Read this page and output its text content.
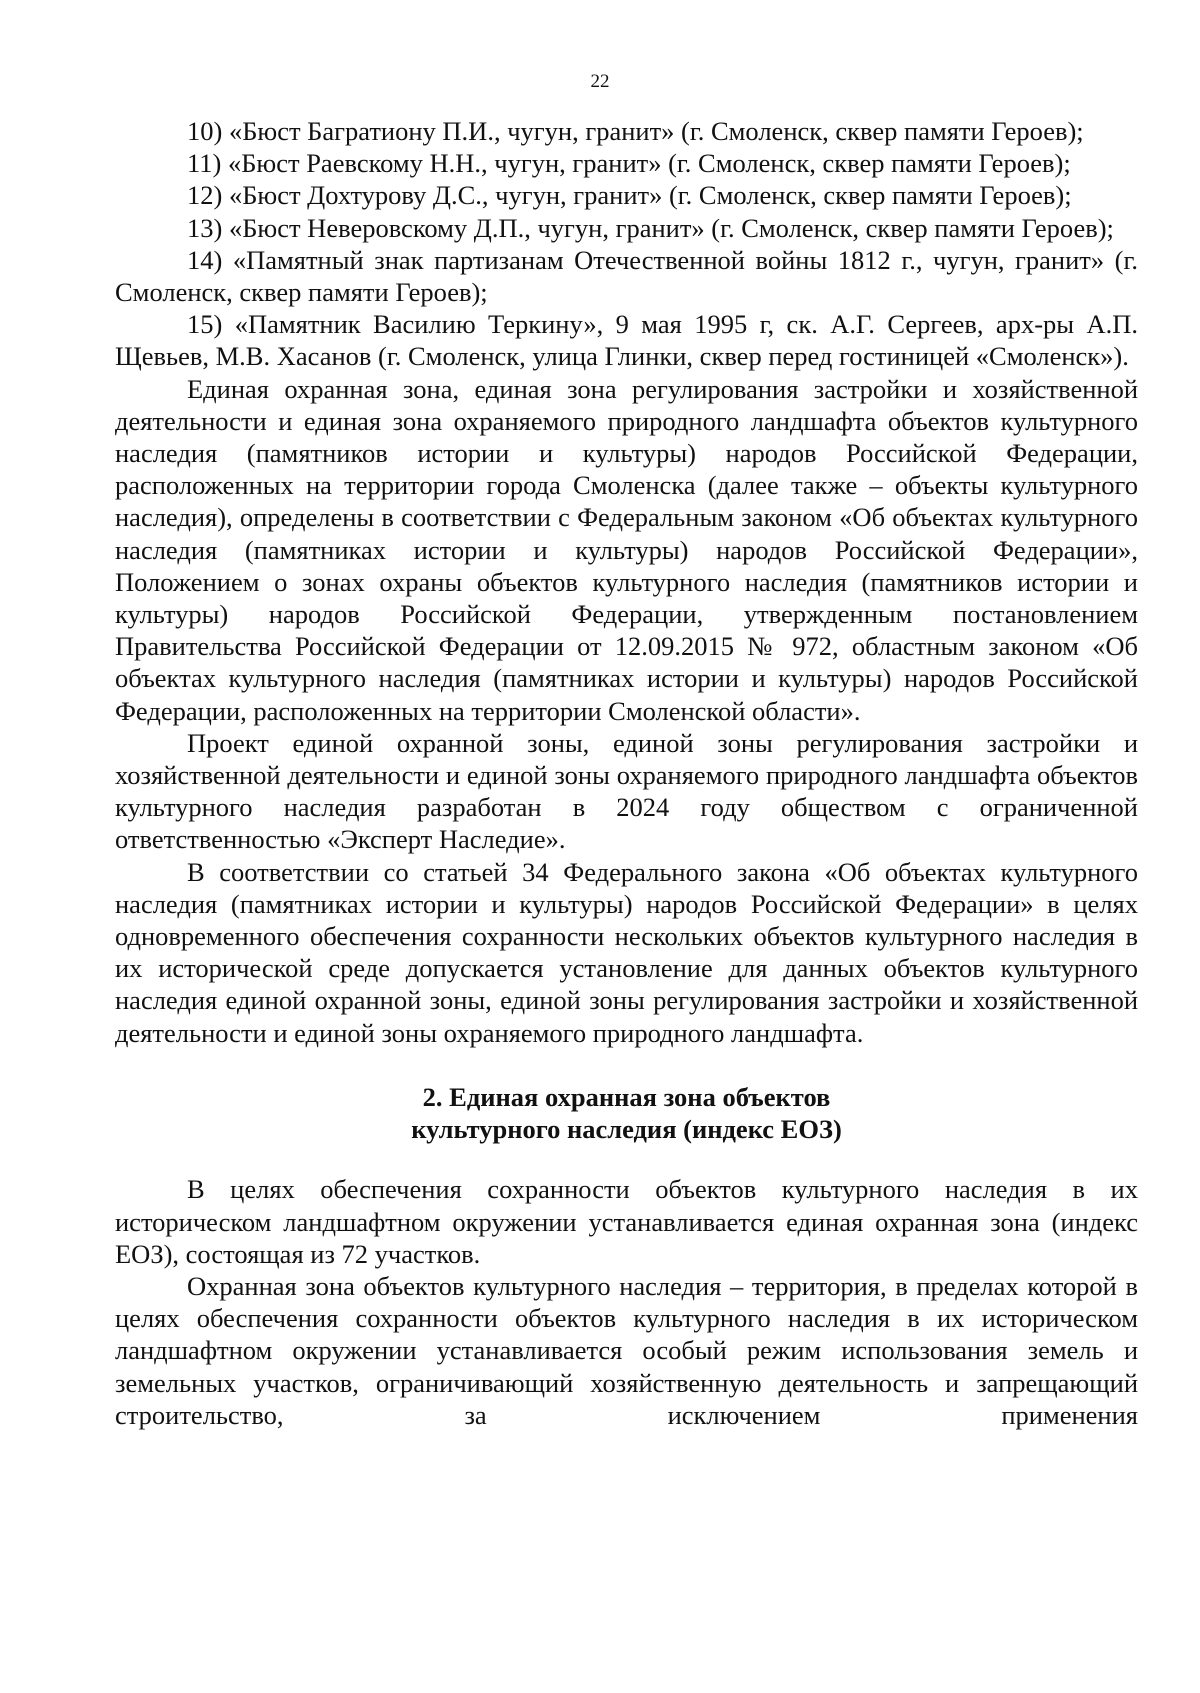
22

10) «Бюст Багратиону П.И., чугун, гранит» (г. Смоленск, сквер памяти Героев);

11) «Бюст Раевскому Н.Н., чугун, гранит» (г. Смоленск, сквер памяти Героев);

12) «Бюст Дохтурову Д.С., чугун, гранит» (г. Смоленск, сквер памяти Героев);

13) «Бюст Неверовскому Д.П., чугун, гранит» (г. Смоленск, сквер памяти Героев);

14) «Памятный знак партизанам Отечественной войны 1812 г., чугун, гранит» (г. Смоленск, сквер памяти Героев);

15) «Памятник Василию Теркину», 9 мая 1995 г, ск. А.Г. Сергеев, арх-ры А.П. Щевьев, М.В. Хасанов (г. Смоленск, улица Глинки, сквер перед гостиницей «Смоленск»).

Единая охранная зона, единая зона регулирования застройки и хозяйственной деятельности и единая зона охраняемого природного ландшафта объектов культурного наследия (памятников истории и культуры) народов Российской Федерации, расположенных на территории города Смоленска (далее также – объекты культурного наследия), определены в соответствии с Федеральным законом «Об объектах культурного наследия (памятниках истории и культуры) народов Российской Федерации», Положением о зонах охраны объектов культурного наследия (памятников истории и культуры) народов Российской Федерации, утвержденным постановлением Правительства Российской Федерации от 12.09.2015 № 972, областным законом «Об объектах культурного наследия (памятниках истории и культуры) народов Российской Федерации, расположенных на территории Смоленской области».

Проект единой охранной зоны, единой зоны регулирования застройки и хозяйственной деятельности и единой зоны охраняемого природного ландшафта объектов культурного наследия разработан в 2024 году обществом с ограниченной ответственностью «Эксперт Наследие».

В соответствии со статьей 34 Федерального закона «Об объектах культурного наследия (памятниках истории и культуры) народов Российской Федерации» в целях одновременного обеспечения сохранности нескольких объектов культурного наследия в их исторической среде допускается установление для данных объектов культурного наследия единой охранной зоны, единой зоны регулирования застройки и хозяйственной деятельности и единой зоны охраняемого природного ландшафта.

2. Единая охранная зона объектов
культурного наследия (индекс ЕОЗ)

В целях обеспечения сохранности объектов культурного наследия в их историческом ландшафтном окружении устанавливается единая охранная зона (индекс ЕОЗ), состоящая из 72 участков.

Охранная зона объектов культурного наследия – территория, в пределах которой в целях обеспечения сохранности объектов культурного наследия в их историческом ландшафтном окружении устанавливается особый режим использования земель и земельных участков, ограничивающий хозяйственную деятельность и запрещающий строительство, за исключением применения
